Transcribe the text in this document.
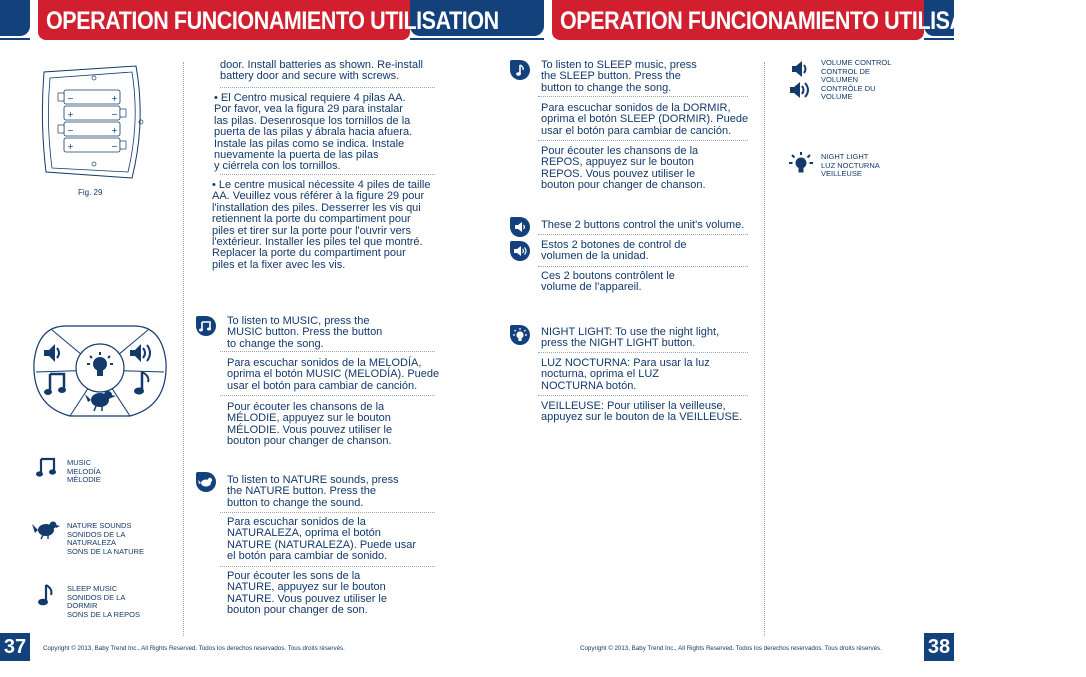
OPERATION FUNCIONAMIENTO UTILISATION	OPERATION FUNCIONAMIENTO UTILISATION
−	+
+	−
−	+
+	−
Fig. 29
door. Install batteries as shown. Re-install
battery door and secure with screws.
• El Centro musical requiere 4 pilas AA.
Por favor, vea la figura 29 para instalar
las pilas. Desenrosque los tornillos de la
puerta de las pilas y ábrala hacia afuera.
Instale las pilas como se indica. Instale
nuevamente la puerta de las pilas
y ciérrela con los tornillos.
• Le centre musical nécessite 4 piles de taille
AA. Veuillez vous référer à la figure 29 pour
l'installation des piles. Desserrer les vis qui
retiennent la porte du compartiment pour
piles et tirer sur la porte pour l'ouvrir vers
l'extérieur. Installer les piles tel que montré.
Replacer la porte du compartiment pour
piles et la fixer avec les vis.
To listen to MUSIC, press the
MUSIC button. Press the button
to change the song.
Para escuchar sonidos de la MELODÍA,
oprima el botón MUSIC (MELODÍA). Puede
usar el botón para cambiar de canción.
Pour écouter les chansons de la
MÉLODIE, appuyez sur le bouton
MÉLODIE. Vous pouvez utiliser le
bouton pour changer de chanson.
To listen to NATURE sounds, press
the NATURE button. Press the
button to change the sound.
Para escuchar sonidos de la
NATURALEZA, oprima el botón
NATURE (NATURALEZA). Puede usar
el botón para cambiar de sonido.
Pour écouter les sons de la
NATURE, appuyez sur le bouton
NATURE. Vous pouvez utiliser le
bouton pour changer de son.
MUSIC
MELODÍA
MÉLODIE
NATURE SOUNDS
SONIDOS DE LA
NATURALEZA
SONS DE LA NATURE
SLEEP MUSIC
SONIDOS DE LA
DORMIR
SONS DE LA REPOS
37	Copyright © 2013, Baby Trend Inc., All Rights Reserved. Todos los derechos reservados. Tous droits réservés.
To listen to SLEEP music, press
the SLEEP button. Press the
button to change the song.
Para escuchar sonidos de la DORMIR,
oprima el botón SLEEP (DORMIR). Puede
usar el botón para cambiar de canción.
Pour écouter les chansons de la
REPOS, appuyez sur le bouton
REPOS. Vous pouvez utiliser le
bouton pour changer de chanson.
These 2 buttons control the unit's volume.
Estos 2 botones de control de
volumen de la unidad.
Ces 2 boutons contrôlent le
volume de l'appareil.
NIGHT LIGHT: To use the night light,
press the NIGHT LIGHT button.
LUZ NOCTURNA: Para usar la luz
nocturna, oprima el LUZ
NOCTURNA botón.
VEILLEUSE: Pour utiliser la veilleuse,
appuyez sur le bouton de la VEILLEUSE.
VOLUME CONTROL
CONTROL DE
VOLUMEN
CONTRÔLE DU
VOLUME
NIGHT LIGHT
LUZ NOCTURNA
VEILLEUSE
Copyright © 2013, Baby Trend Inc., All Rights Reserved. Todos los derechos reservados. Tous droits réservés. 38
